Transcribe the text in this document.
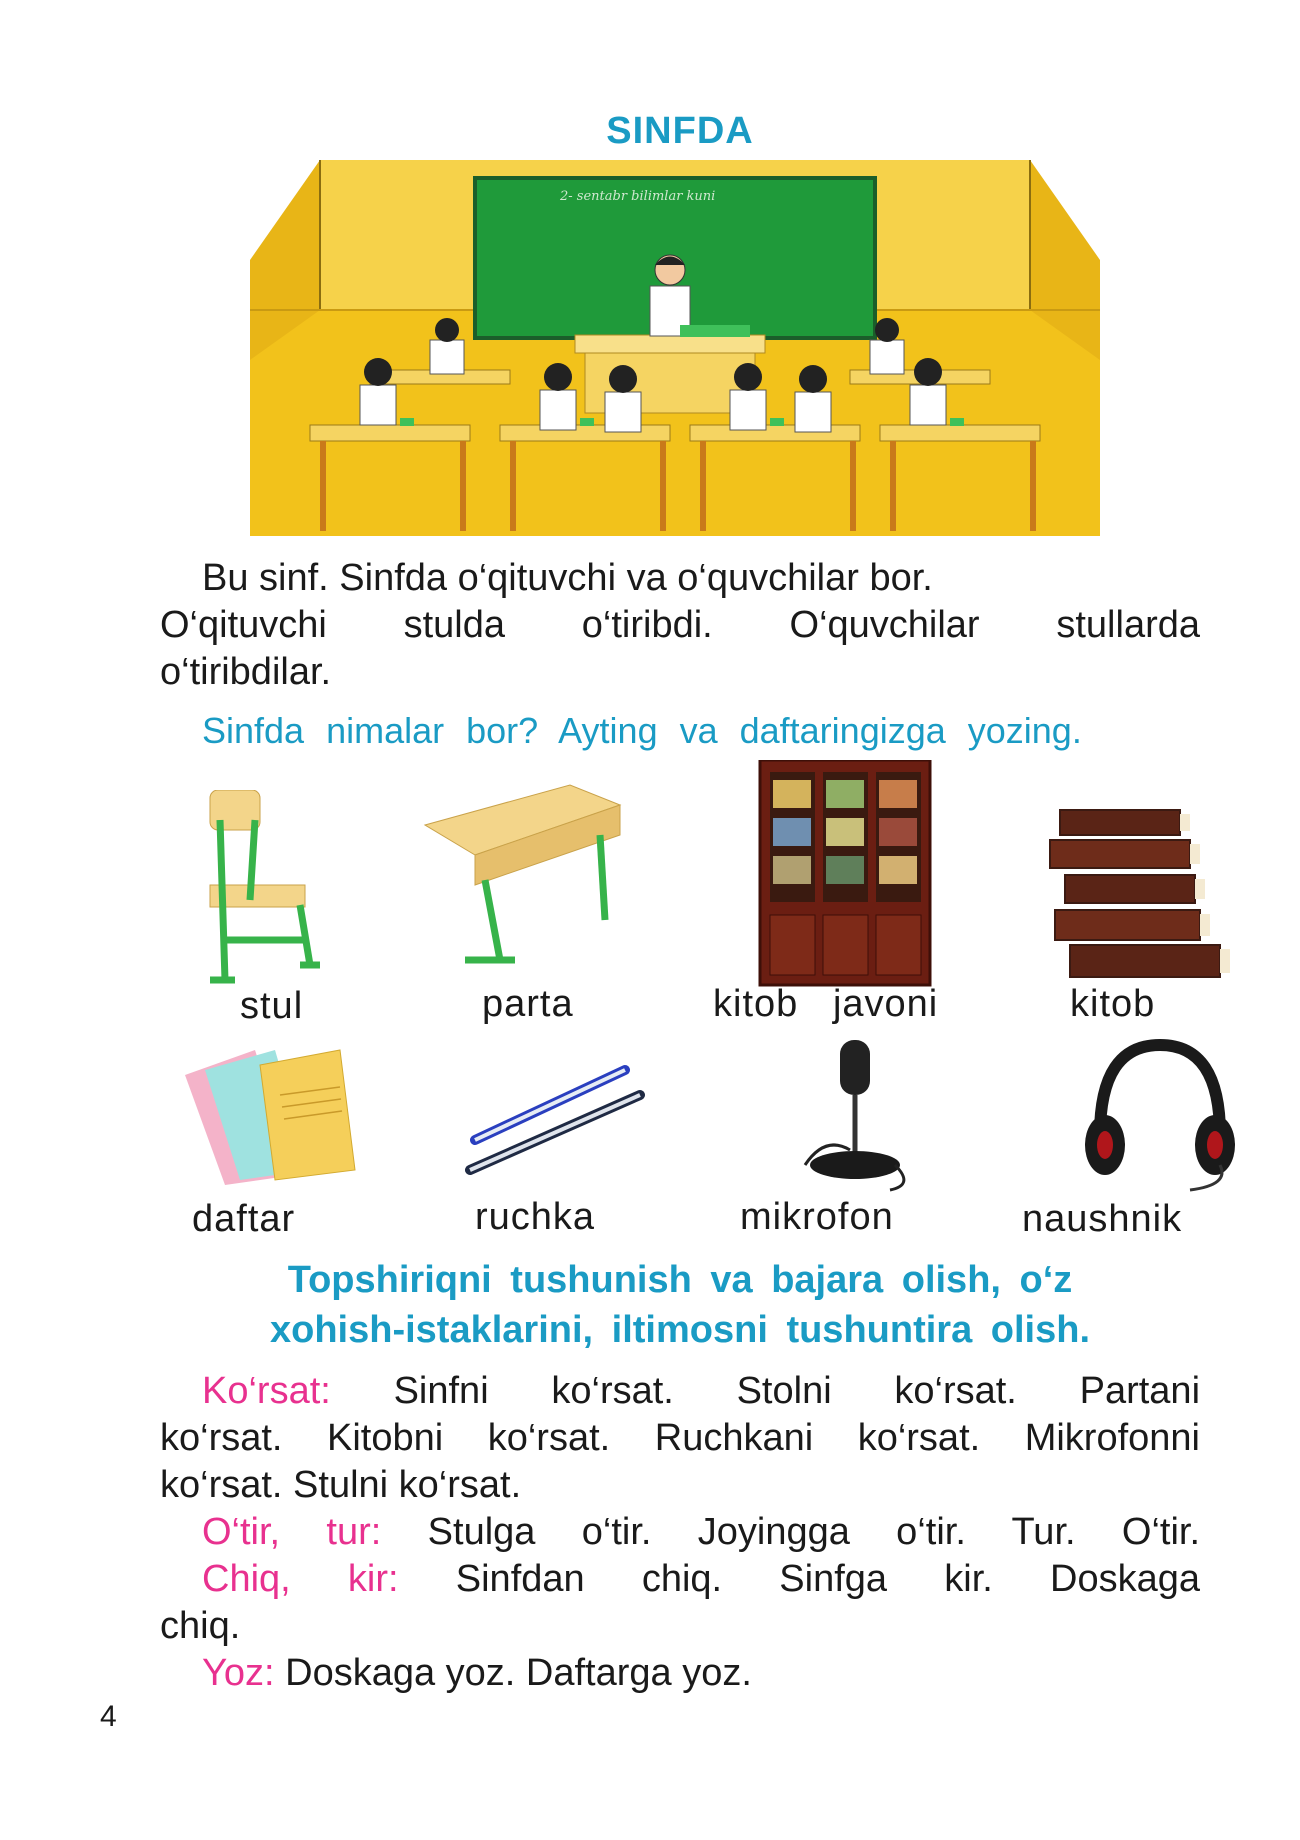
SINFDA
2- sentabr bilimlar kuni
Bu sinf. Sinfda o‘qituvchi va o‘quvchilar bor.
O‘qituvchi stulda o‘tiribdi. O‘quvchilar stullarda
o‘tiribdilar.
Sinfda nimalar bor? Ayting va daftaringizga yozing.
stul	parta	kitob   javoni	kitob
daftar	ruchka	mikrofon	naushnik
Topshiriqni tushunish va bajara olish, o‘z
xohish-istaklarini, iltimosni tushuntira olish.
Ko‘rsat: Sinfni ko‘rsat. Stolni ko‘rsat. Partani
ko‘rsat. Kitobni ko‘rsat. Ruchkani ko‘rsat. Mikrofonni
ko‘rsat. Stulni ko‘rsat.
O‘tir, tur: Stulga o‘tir. Joyingga o‘tir. Tur. O‘tir.
Chiq, kir: Sinfdan chiq. Sinfga kir. Doskaga
chiq.
Yoz: Doskaga yoz. Daftarga yoz.
4
